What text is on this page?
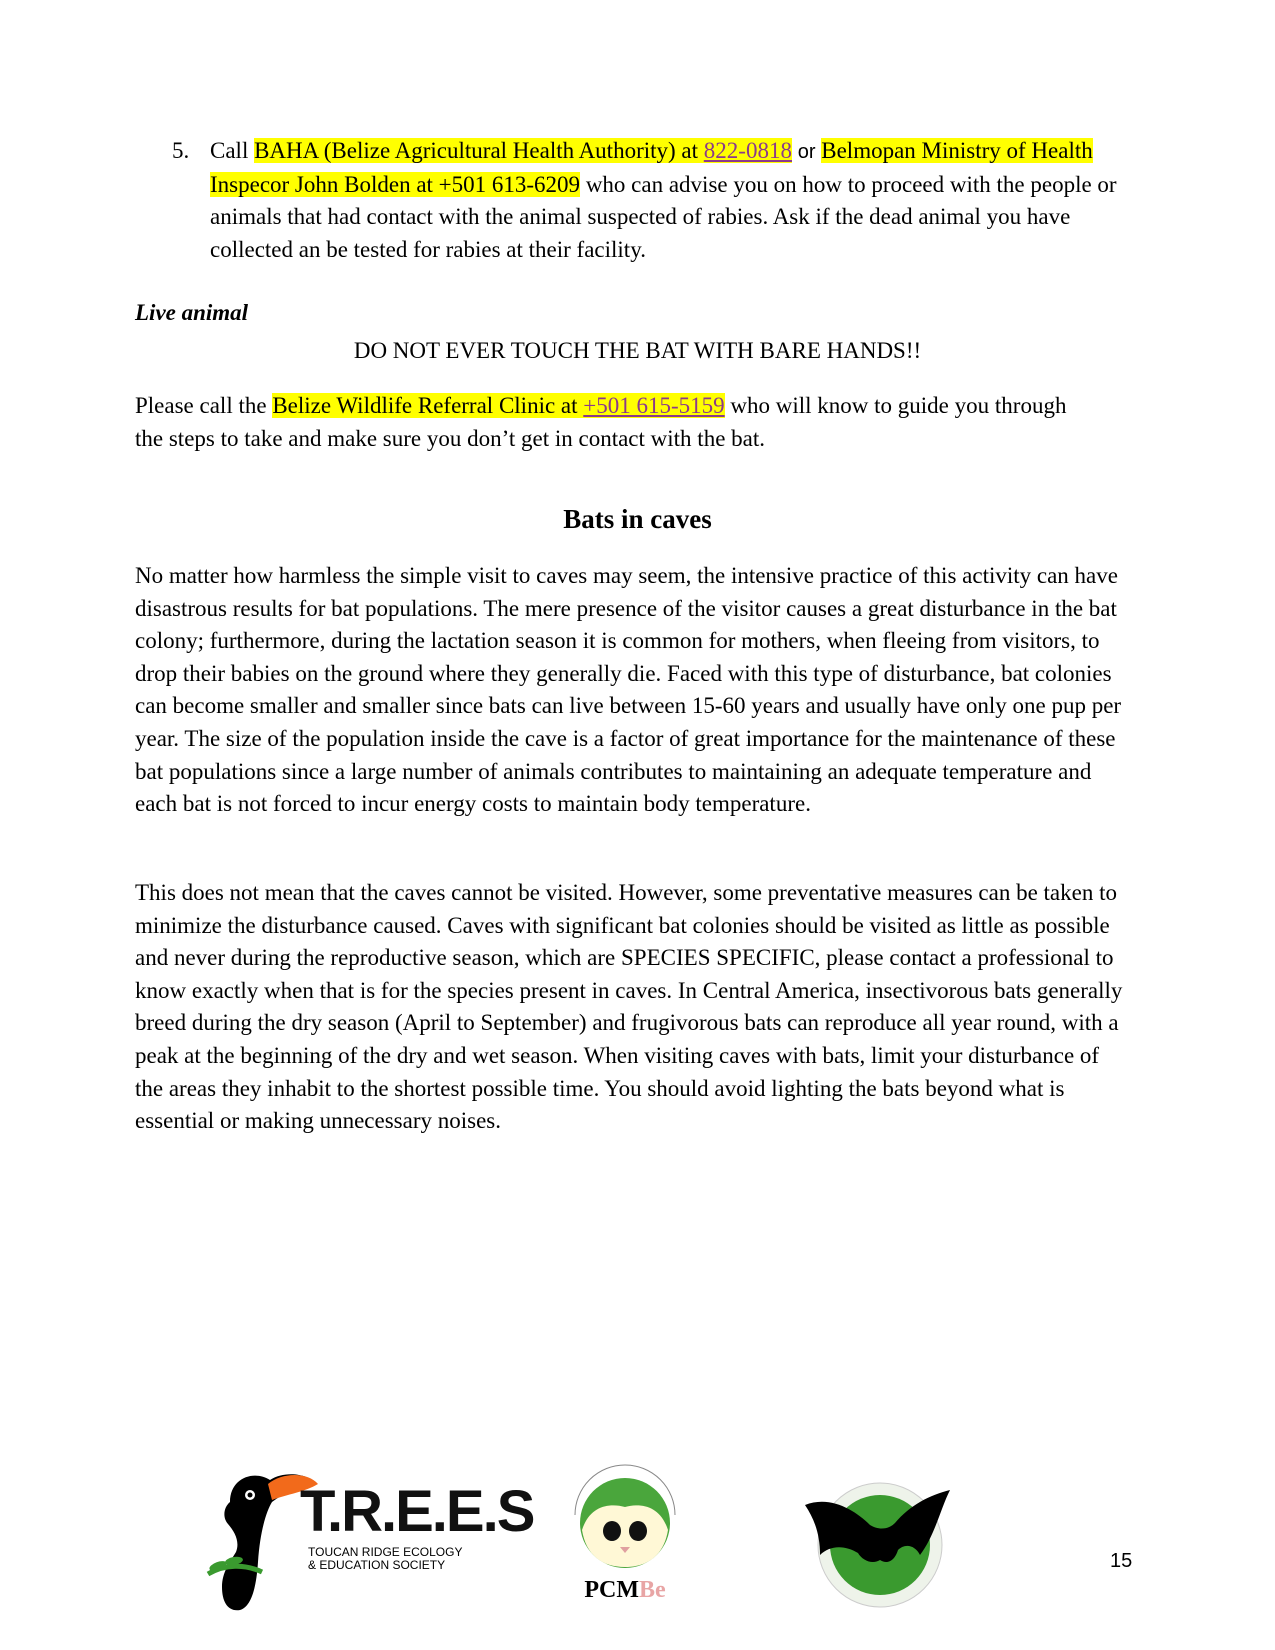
5. Call BAHA (Belize Agricultural Health Authority) at 822-0818 or Belmopan Ministry of Health Inspecor John Bolden at +501 613-6209 who can advise you on how to proceed with the people or animals that had contact with the animal suspected of rabies. Ask if the dead animal you have collected an be tested for rabies at their facility.
Live animal
DO NOT EVER TOUCH THE BAT WITH BARE HANDS!!
Please call the Belize Wildlife Referral Clinic at +501 615-5159 who will know to guide you through the steps to take and make sure you don’t get in contact with the bat.
Bats in caves
No matter how harmless the simple visit to caves may seem, the intensive practice of this activity can have disastrous results for bat populations. The mere presence of the visitor causes a great disturbance in the bat colony; furthermore, during the lactation season it is common for mothers, when fleeing from visitors, to drop their babies on the ground where they generally die. Faced with this type of disturbance, bat colonies can become smaller and smaller since bats can live between 15-60 years and usually have only one pup per year. The size of the population inside the cave is a factor of great importance for the maintenance of these bat populations since a large number of animals contributes to maintaining an adequate temperature and each bat is not forced to incur energy costs to maintain body temperature.
This does not mean that the caves cannot be visited. However, some preventative measures can be taken to minimize the disturbance caused. Caves with significant bat colonies should be visited as little as possible and never during the reproductive season, which are SPECIES SPECIFIC, please contact a professional to know exactly when that is for the species present in caves. In Central America, insectivorous bats generally breed during the dry season (April to September) and frugivorous bats can reproduce all year round, with a peak at the beginning of the dry and wet season. When visiting caves with bats, limit your disturbance of the areas they inhabit to the shortest possible time. You should avoid lighting the bats beyond what is essential or making unnecessary noises.
T.R.E.E.S
TOUCAN RIDGE ECOLOGY
& EDUCATION SOCIETY
PCMBe
15
